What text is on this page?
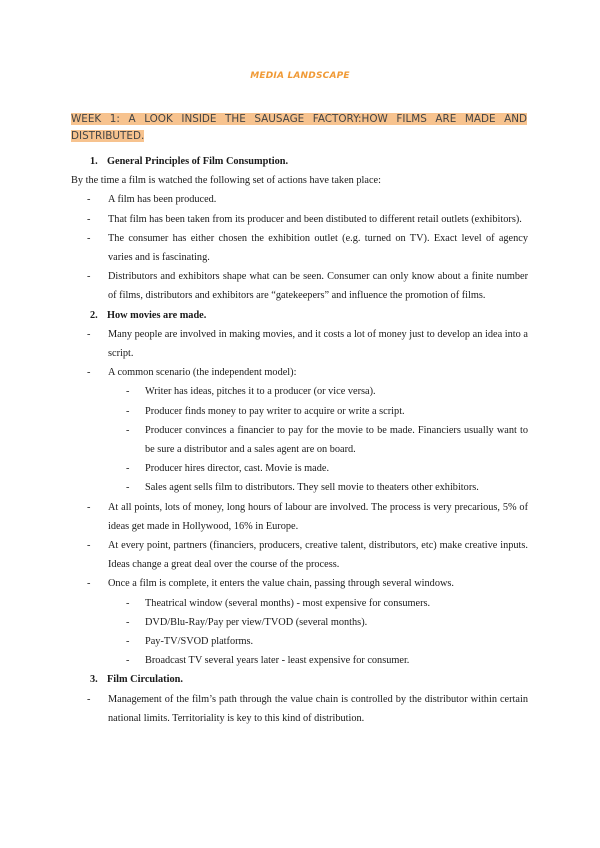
MEDIA LANDSCAPE
WEEK 1: A LOOK INSIDE THE SAUSAGE FACTORY:HOW FILMS ARE MADE AND DISTRIBUTED.
1. General Principles of Film Consumption.
By the time a film is watched the following set of actions have taken place:
- A film has been produced.
- That film has been taken from its producer and been distibuted to different retail outlets (exhibitors).
- The consumer has either chosen the exhibition outlet (e.g. turned on TV). Exact level of agency varies and is fascinating.
- Distributors and exhibitors shape what can be seen. Consumer can only know about a finite number of films, distributors and exhibitors are “gatekeepers” and influence the promotion of films.
2. How movies are made.
- Many people are involved in making movies, and it costs a lot of money just to develop an idea into a script.
- A common scenario (the independent model):
- Writer has ideas, pitches it to a producer (or vice versa).
- Producer finds money to pay writer to acquire or write a script.
- Producer convinces a financier to pay for the movie to be made. Financiers usually want to be sure a distributor and a sales agent are on board.
- Producer hires director, cast. Movie is made.
- Sales agent sells film to distributors. They sell movie to theaters other exhibitors.
- At all points, lots of money, long hours of labour are involved. The process is very precarious, 5% of ideas get made in Hollywood, 16% in Europe.
- At every point, partners (financiers, producers, creative talent, distributors, etc) make creative inputs. Ideas change a great deal over the course of the process.
- Once a film is complete, it enters the value chain, passing through several windows.
- Theatrical window (several months) - most expensive for consumers.
- DVD/Blu-Ray/Pay per view/TVOD (several months).
- Pay-TV/SVOD platforms.
- Broadcast TV several years later - least expensive for consumer.
3. Film Circulation.
- Management of the film’s path through the value chain is controlled by the distributor within certain national limits. Territoriality is key to this kind of distribution.
